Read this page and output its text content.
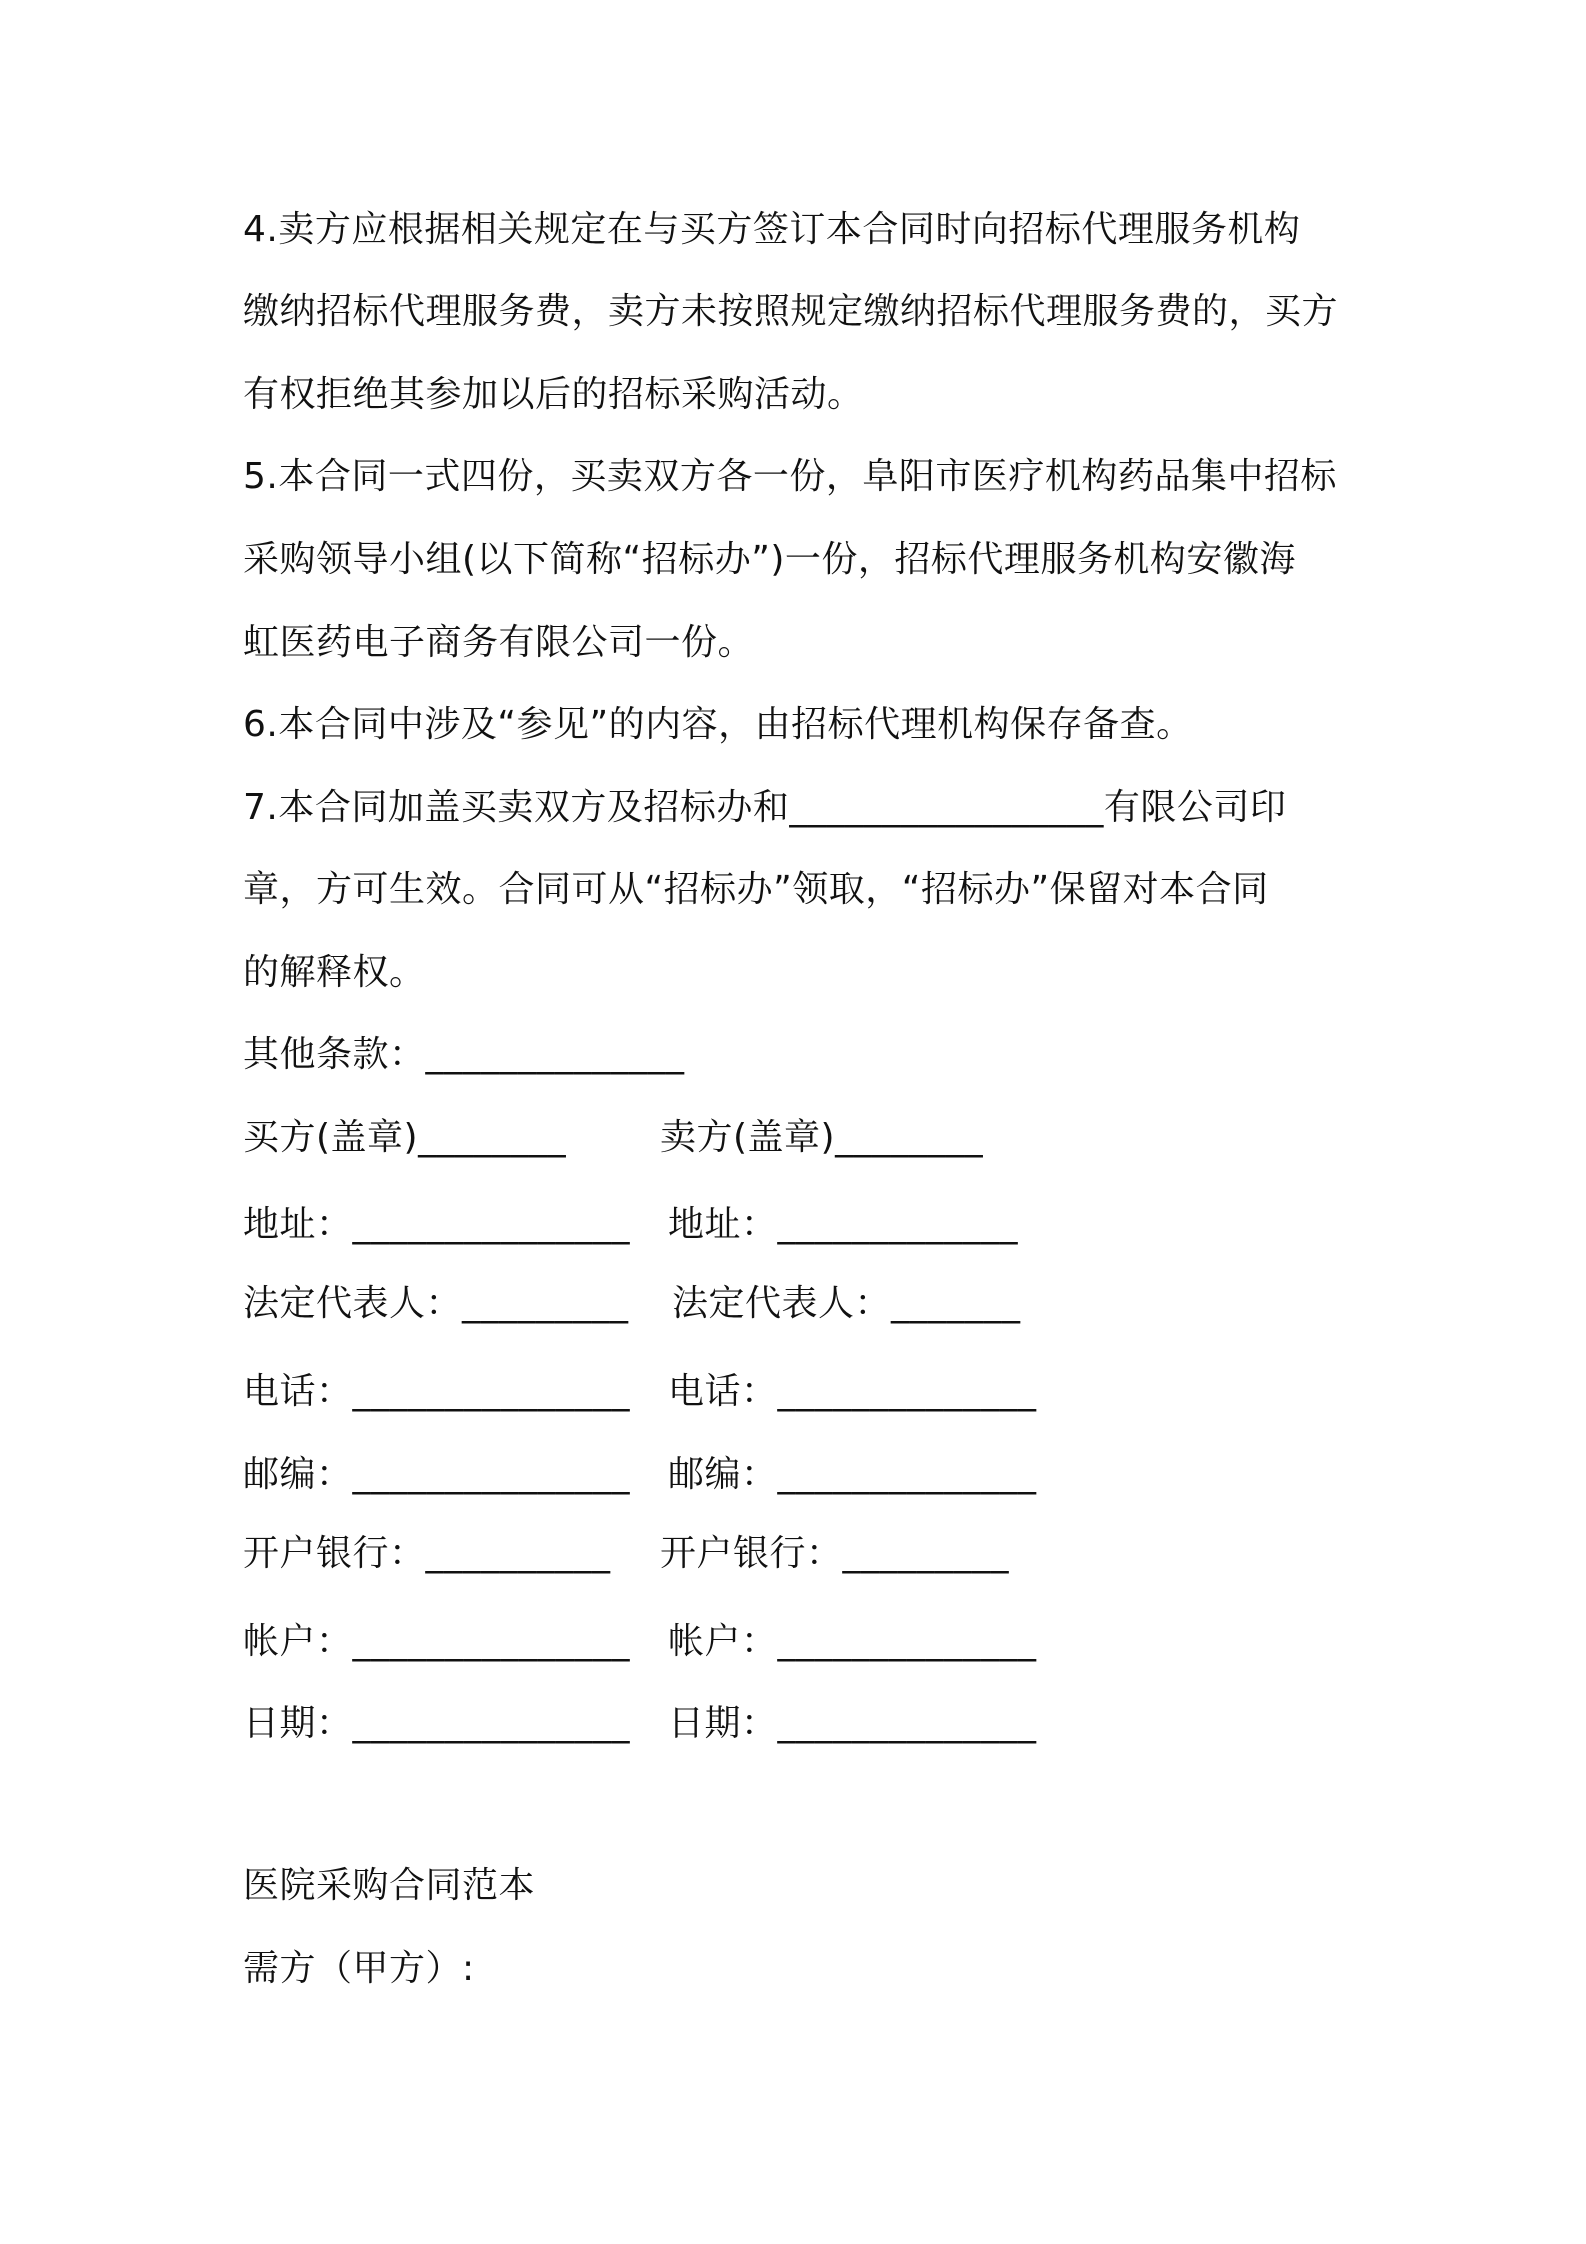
4.卖方应根据相关规定在与买方签订本合同时向招标代理服务机构
缴纳招标代理服务费，卖方未按照规定缴纳招标代理服务费的，买方
有权拒绝其参加以后的招标采购活动。
5.本合同一式四份，买卖双方各一份，阜阳市医疗机构药品集中招标
采购领导小组(以下简称“招标办”)一份，招标代理服务机构安徽海
虹医药电子商务有限公司一份。
6.本合同中涉及“参见”的内容，由招标代理机构保存备查。
7.本合同加盖买卖双方及招标办和_________________有限公司印
章，方可生效。合同可从“招标办”领取，“招标办”保留对本合同
的解释权。
其他条款：______________
买方(盖章)________	卖方(盖章)________
地址：_______________ 地址：_____________
法定代表人：_________ 法定代表人：_______
电话：_______________ 电话：______________
邮编：_______________ 邮编：______________
开户银行：__________ 开户银行：_________
帐户：_______________ 帐户：______________
日期：_______________ 日期：______________
医院采购合同范本
需方（甲方）:
